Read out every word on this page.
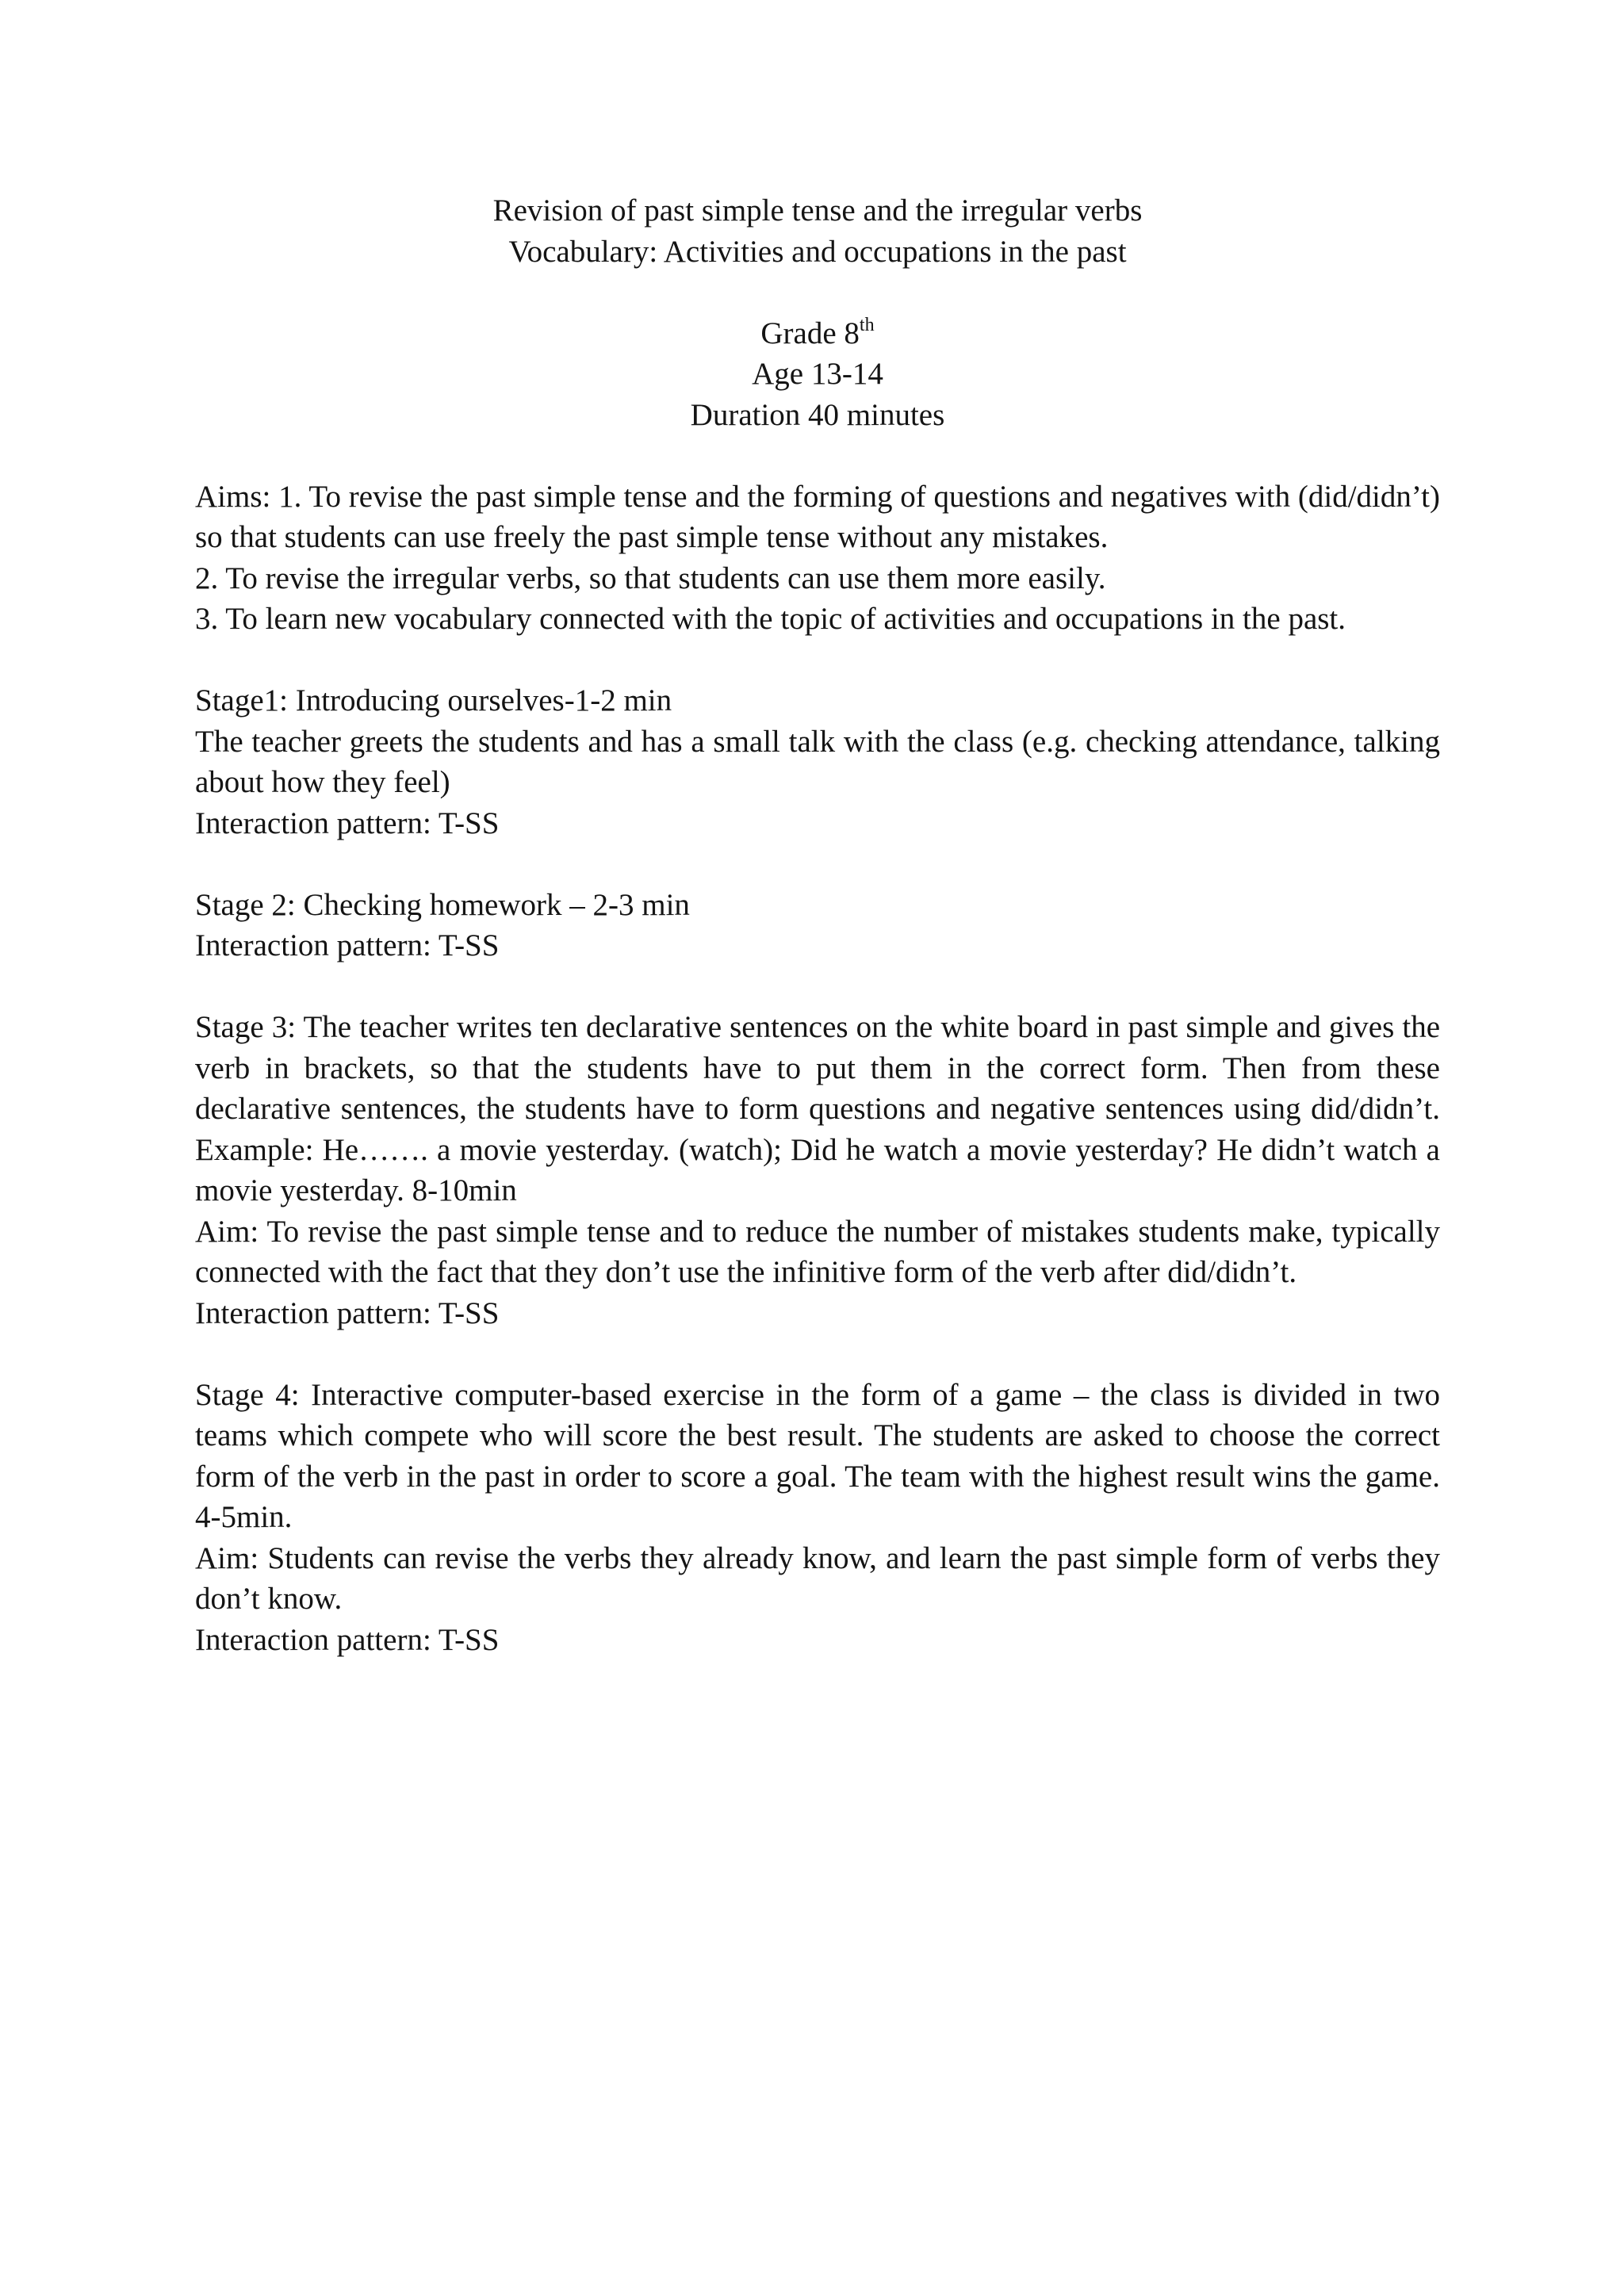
Revision of past simple tense and the irregular verbs

Vocabulary: Activities and occupations in the past

Grade 8th

Age 13-14

Duration 40 minutes

Aims: 1. To revise the past simple tense and the forming of questions and negatives with (did/didn’t) so that students can use freely the past simple tense without any mistakes.

2. To revise the irregular verbs, so that students can use them more easily.

3. To learn new vocabulary connected with the topic of activities and occupations in the past.

Stage1: Introducing ourselves-1-2 min

The teacher greets the students and has a small talk with the class (e.g. checking attendance, talking about how they feel)

Interaction pattern: T-SS

Stage 2: Checking homework – 2-3 min

Interaction pattern: T-SS

Stage 3: The teacher writes ten declarative sentences on the white board in past simple and gives the verb in brackets, so that the students have to put them in the correct form. Then from these declarative sentences, the students have to form questions and negative sentences using did/didn’t. Example: He……. a movie yesterday. (watch); Did he watch a movie yesterday? He didn’t watch a movie yesterday. 8-10min

Aim: To revise the past simple tense and to reduce the number of mistakes students make, typically connected with the fact that they don’t use the infinitive form of the verb after did/didn’t.

Interaction pattern: T-SS

Stage 4: Interactive computer-based exercise in the form of a game – the class is divided in two teams which compete who will score the best result. The students are asked to choose the correct form of the verb in the past in order to score a goal. The team with the highest result wins the game. 4-5min.

Aim: Students can revise the verbs they already know, and learn the past simple form of verbs they don’t know.

Interaction pattern: T-SS
